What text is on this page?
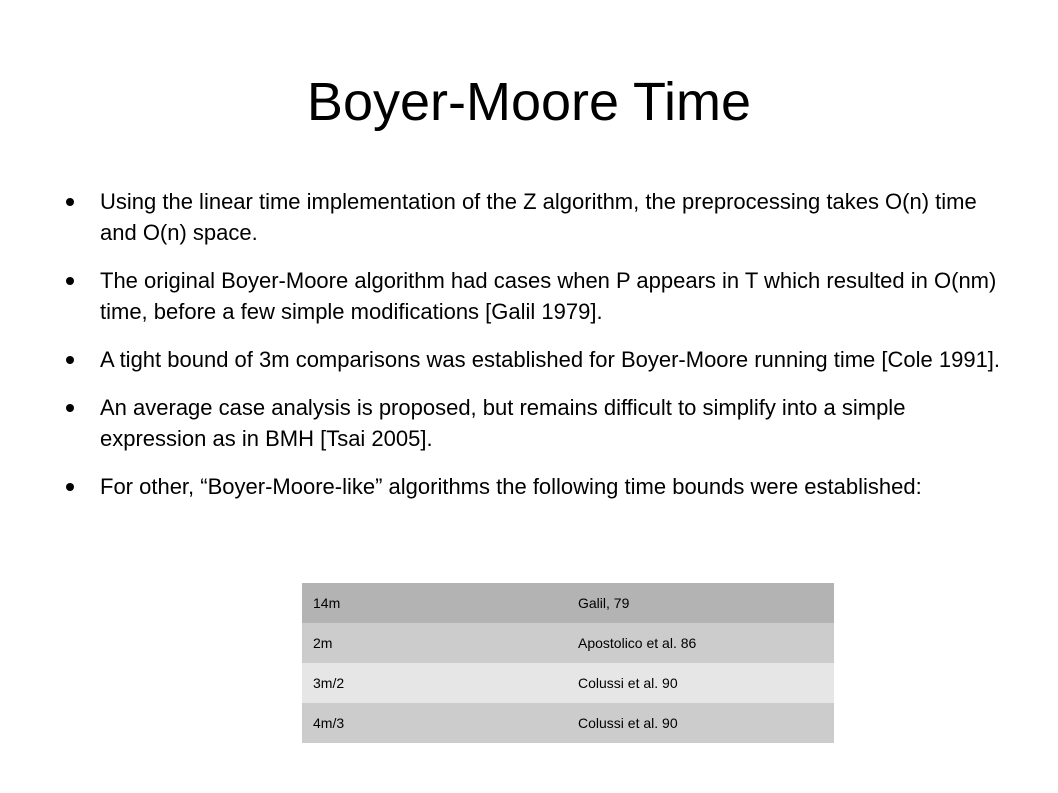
Boyer-Moore Time
Using the linear time implementation of the Z algorithm, the preprocessing takes O(n) time and O(n) space.
The original Boyer-Moore algorithm had cases when P appears in T which resulted in O(nm) time, before a few simple modifications [Galil 1979].
A tight bound of 3m comparisons was established for Boyer-Moore running time [Cole 1991].
An average case analysis is proposed, but remains difficult to simplify into a simple expression as in BMH [Tsai 2005].
For other, “Boyer-Moore-like” algorithms the following time bounds were established:
14m	Galil, 79
2m	Apostolico et al. 86
3m/2	Colussi et al. 90
4m/3	Colussi et al. 90
